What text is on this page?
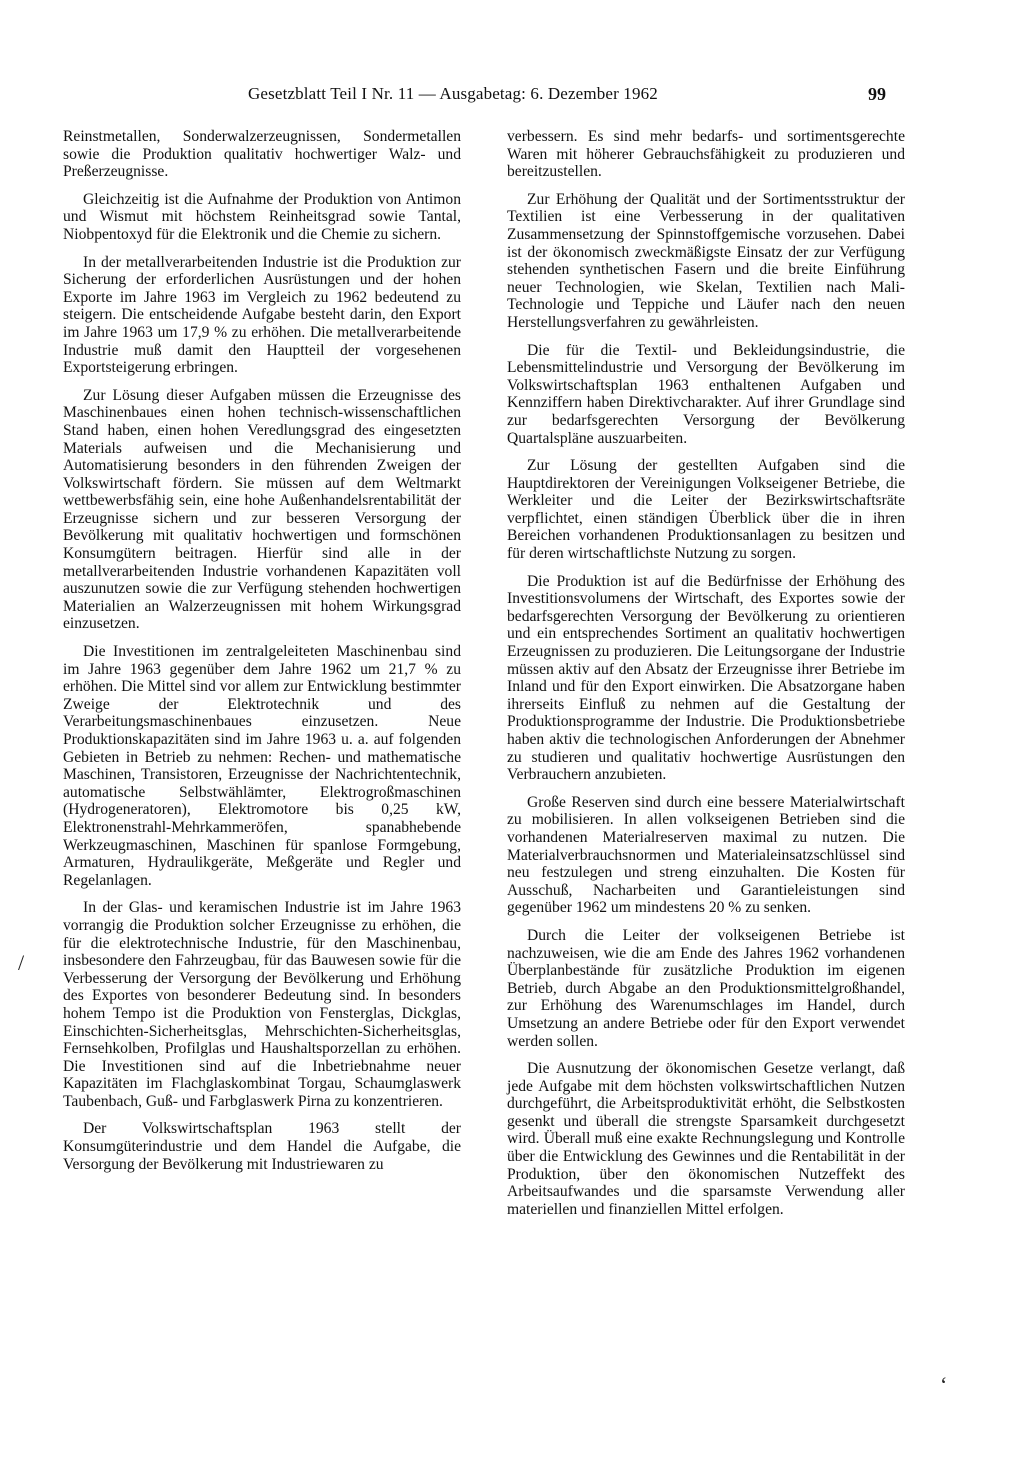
Gesetzblatt Teil I Nr. 11 — Ausgabetag: 6. Dezember 1962	99

Reinstmetallen, Sonderwalzerzeugnissen, Sondermetallen sowie die Produktion qualitativ hochwertiger Walz- und Preßerzeugnisse.

Gleichzeitig ist die Aufnahme der Produktion von Antimon und Wismut mit höchstem Reinheitsgrad sowie Tantal, Niobpentoxyd für die Elektronik und die Chemie zu sichern.

In der metallverarbeitenden Industrie ist die Produktion zur Sicherung der erforderlichen Ausrüstungen und der hohen Exporte im Jahre 1963 im Vergleich zu 1962 bedeutend zu steigern. Die entscheidende Aufgabe besteht darin, den Export im Jahre 1963 um 17,9 % zu erhöhen. Die metallverarbeitende Industrie muß damit den Hauptteil der vorgesehenen Exportsteigerung erbringen.

Zur Lösung dieser Aufgaben müssen die Erzeugnisse des Maschinenbaues einen hohen technisch-wissenschaftlichen Stand haben, einen hohen Veredlungsgrad des eingesetzten Materials aufweisen und die Mechanisierung und Automatisierung besonders in den führenden Zweigen der Volkswirtschaft fördern. Sie müssen auf dem Weltmarkt wettbewerbsfähig sein, eine hohe Außenhandelsrentabilität der Erzeugnisse sichern und zur besseren Versorgung der Bevölkerung mit qualitativ hochwertigen und formschönen Konsumgütern beitragen. Hierfür sind alle in der metallverarbeitenden Industrie vorhandenen Kapazitäten voll auszunutzen sowie die zur Verfügung stehenden hochwertigen Materialien an Walzerzeugnissen mit hohem Wirkungsgrad einzusetzen.

Die Investitionen im zentralgeleiteten Maschinenbau sind im Jahre 1963 gegenüber dem Jahre 1962 um 21,7 % zu erhöhen. Die Mittel sind vor allem zur Entwicklung bestimmter Zweige der Elektrotechnik und des Verarbeitungsmaschinenbaues einzusetzen. Neue Produktionskapazitäten sind im Jahre 1963 u. a. auf folgenden Gebieten in Betrieb zu nehmen: Rechen- und mathematische Maschinen, Transistoren, Erzeugnisse der Nachrichtentechnik, automatische Selbstwählämter, Elektrogroßmaschinen (Hydrogeneratoren), Elektromotore bis 0,25 kW, Elektronenstrahl-Mehrkammeröfen, spanabhebende Werkzeugmaschinen, Maschinen für spanlose Formgebung, Armaturen, Hydraulikgeräte, Meßgeräte und Regler und Regelanlagen.

In der Glas- und keramischen Industrie ist im Jahre 1963 vorrangig die Produktion solcher Erzeugnisse zu erhöhen, die für die elektrotechnische Industrie, für den Maschinenbau, insbesondere den Fahrzeugbau, für das Bauwesen sowie für die Verbesserung der Versorgung der Bevölkerung und Erhöhung des Exportes von besonderer Bedeutung sind. In besonders hohem Tempo ist die Produktion von Fensterglas, Dickglas, Einschichten-Sicherheitsglas, Mehrschichten-Sicherheitsglas, Fernsehkolben, Profilglas und Haushaltsporzellan zu erhöhen. Die Investitionen sind auf die Inbetriebnahme neuer Kapazitäten im Flachglaskombinat Torgau, Schaumglaswerk Taubenbach, Guß- und Farbglaswerk Pirna zu konzentrieren.

Der Volkswirtschaftsplan 1963 stellt der Konsumgüterindustrie und dem Handel die Aufgabe, die Versorgung der Bevölkerung mit Industriewaren zu

verbessern. Es sind mehr bedarfs- und sortimentsgerechte Waren mit höherer Gebrauchsfähigkeit zu produzieren und bereitzustellen.

Zur Erhöhung der Qualität und der Sortimentsstruktur der Textilien ist eine Verbesserung in der qualitativen Zusammensetzung der Spinnstoffgemische vorzusehen. Dabei ist der ökonomisch zweckmäßigste Einsatz der zur Verfügung stehenden synthetischen Fasern und die breite Einführung neuer Technologien, wie Skelan, Textilien nach Mali-Technologie und Teppiche und Läufer nach den neuen Herstellungsverfahren zu gewährleisten.

Die für die Textil- und Bekleidungsindustrie, die Lebensmittelindustrie und Versorgung der Bevölkerung im Volkswirtschaftsplan 1963 enthaltenen Aufgaben und Kennziffern haben Direktivcharakter. Auf ihrer Grundlage sind zur bedarfsgerechten Versorgung der Bevölkerung Quartalspläne auszuarbeiten.

Zur Lösung der gestellten Aufgaben sind die Hauptdirektoren der Vereinigungen Volkseigener Betriebe, die Werkleiter und die Leiter der Bezirkswirtschaftsräte verpflichtet, einen ständigen Überblick über die in ihren Bereichen vorhandenen Produktionsanlagen zu besitzen und für deren wirtschaftlichste Nutzung zu sorgen.

Die Produktion ist auf die Bedürfnisse der Erhöhung des Investitionsvolumens der Wirtschaft, des Exportes sowie der bedarfsgerechten Versorgung der Bevölkerung zu orientieren und ein entsprechendes Sortiment an qualitativ hochwertigen Erzeugnissen zu produzieren. Die Leitungsorgane der Industrie müssen aktiv auf den Absatz der Erzeugnisse ihrer Betriebe im Inland und für den Export einwirken. Die Absatzorgane haben ihrerseits Einfluß zu nehmen auf die Gestaltung der Produktionsprogramme der Industrie. Die Produktionsbetriebe haben aktiv die technologischen Anforderungen der Abnehmer zu studieren und qualitativ hochwertige Ausrüstungen den Verbrauchern anzubieten.

Große Reserven sind durch eine bessere Materialwirtschaft zu mobilisieren. In allen volkseigenen Betrieben sind die vorhandenen Materialreserven maximal zu nutzen. Die Materialverbrauchsnormen und Materialeinsatzschlüssel sind neu festzulegen und streng einzuhalten. Die Kosten für Ausschuß, Nacharbeiten und Garantieleistungen sind gegenüber 1962 um mindestens 20 % zu senken.

Durch die Leiter der volkseigenen Betriebe ist nachzuweisen, wie die am Ende des Jahres 1962 vorhandenen Überplanbestände für zusätzliche Produktion im eigenen Betrieb, durch Abgabe an den Produktionsmittelgroßhandel, zur Erhöhung des Warenumschlages im Handel, durch Umsetzung an andere Betriebe oder für den Export verwendet werden sollen.

Die Ausnutzung der ökonomischen Gesetze verlangt, daß jede Aufgabe mit dem höchsten volkswirtschaftlichen Nutzen durchgeführt, die Arbeitsproduktivität erhöht, die Selbstkosten gesenkt und überall die strengste Sparsamkeit durchgesetzt wird. Überall muß eine exakte Rechnungslegung und Kontrolle über die Entwicklung des Gewinnes und die Rentabilität in der Produktion, über den ökonomischen Nutzeffekt des Arbeitsaufwandes und die sparsamste Verwendung aller materiellen und finanziellen Mittel erfolgen.

/
ʻ
